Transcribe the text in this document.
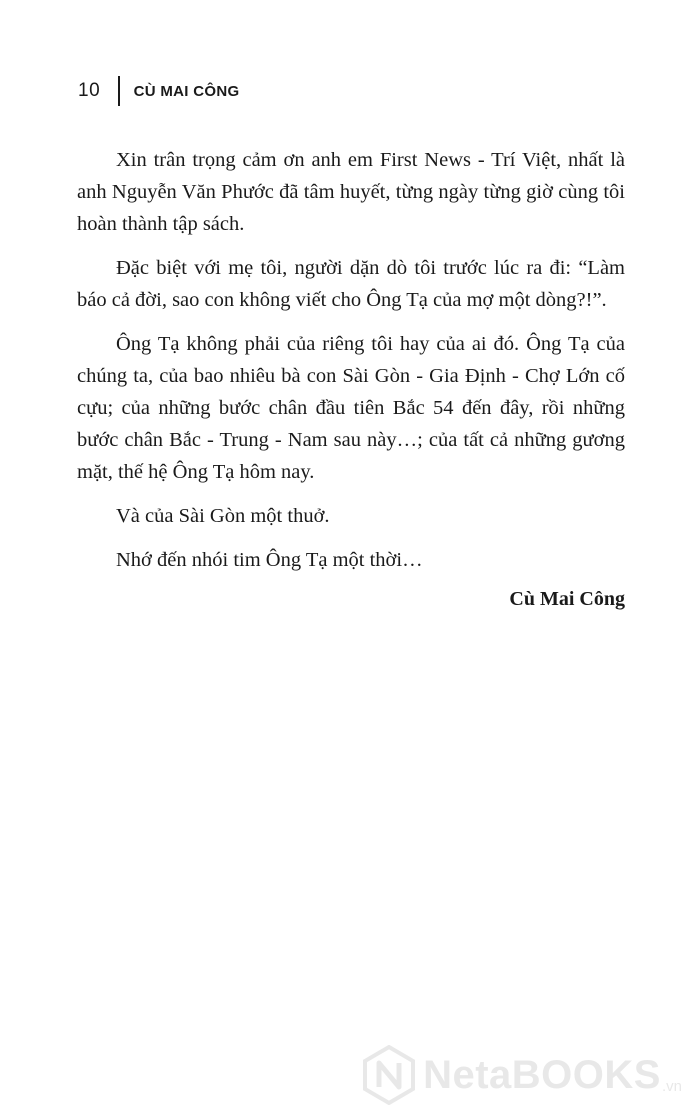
10 CÙ MAI CÔNG

Xin trân trọng cảm ơn anh em First News - Trí Việt, nhất là anh Nguyễn Văn Phước đã tâm huyết, từng ngày từng giờ cùng tôi hoàn thành tập sách.

Đặc biệt với mẹ tôi, người dặn dò tôi trước lúc ra đi: “Làm báo cả đời, sao con không viết cho Ông Tạ của mợ một dòng?!”.

Ông Tạ không phải của riêng tôi hay của ai đó. Ông Tạ của chúng ta, của bao nhiêu bà con Sài Gòn - Gia Định - Chợ Lớn cố cựu; của những bước chân đầu tiên Bắc 54 đến đây, rồi những bước chân Bắc - Trung - Nam sau này…; của tất cả những gương mặt, thế hệ Ông Tạ hôm nay.

Và của Sài Gòn một thuở.

Nhớ đến nhói tim Ông Tạ một thời…

Cù Mai Công
NetaBOOKS .vn
